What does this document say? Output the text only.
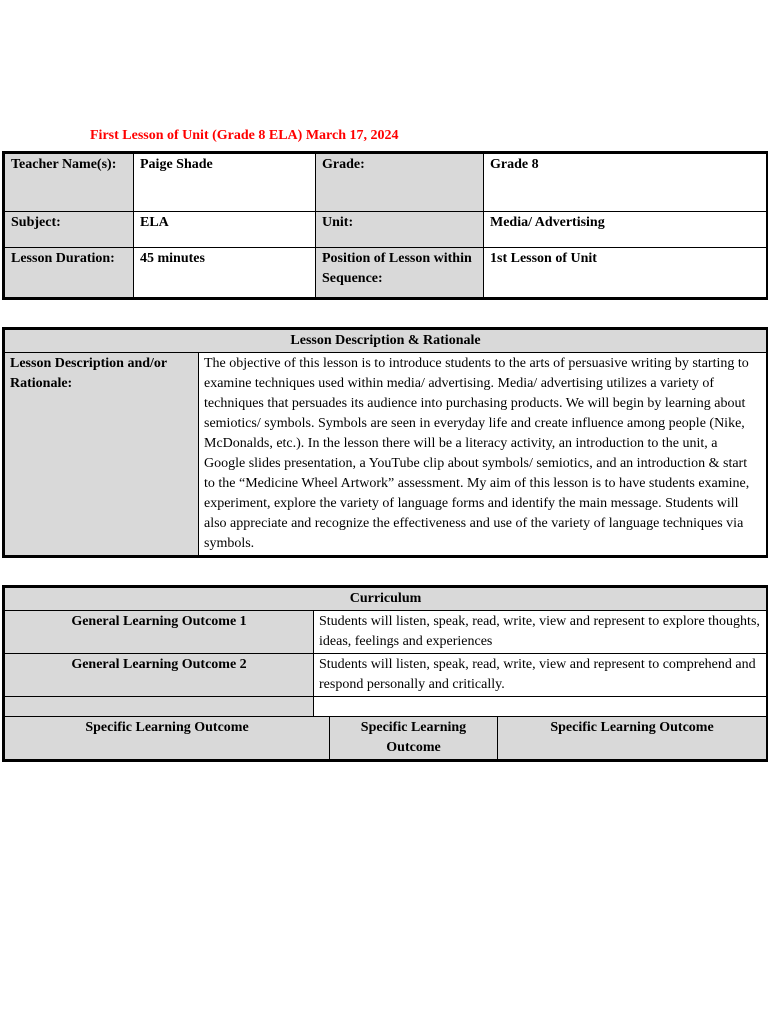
First Lesson of Unit (Grade 8 ELA) March 17, 2024
Teacher Name(s):	Paige Shade	Grade:	Grade 8
Subject:	ELA	Unit:	Media/ Advertising
Lesson Duration:	45 minutes	Position of Lesson within Sequence:	1st Lesson of Unit
Lesson Description & Rationale
Lesson Description and/or Rationale:	The objective of this lesson is to introduce students to the arts of persuasive writing by starting to examine techniques used within media/ advertising. Media/ advertising utilizes a variety of techniques that persuades its audience into purchasing products. We will begin by learning about semiotics/ symbols. Symbols are seen in everyday life and create influence among people (Nike, McDonalds, etc.). In the lesson there will be a literacy activity, an introduction to the unit, a Google slides presentation, a YouTube clip about symbols/ semiotics, and an introduction & start to the “Medicine Wheel Artwork” assessment. My aim of this lesson is to have students examine, experiment, explore the variety of language forms and identify the main message. Students will also appreciate and recognize the effectiveness and use of the variety of language techniques via symbols.
Curriculum	
General Learning Outcome 1	Students will listen, speak, read, write, view and represent to explore thoughts, ideas, feelings and experiences
General Learning Outcome 2	Students will listen, speak, read, write, view and represent to comprehend and respond personally and critically.

Specific Learning Outcome	Specific Learning Outcome	Specific Learning Outcome
